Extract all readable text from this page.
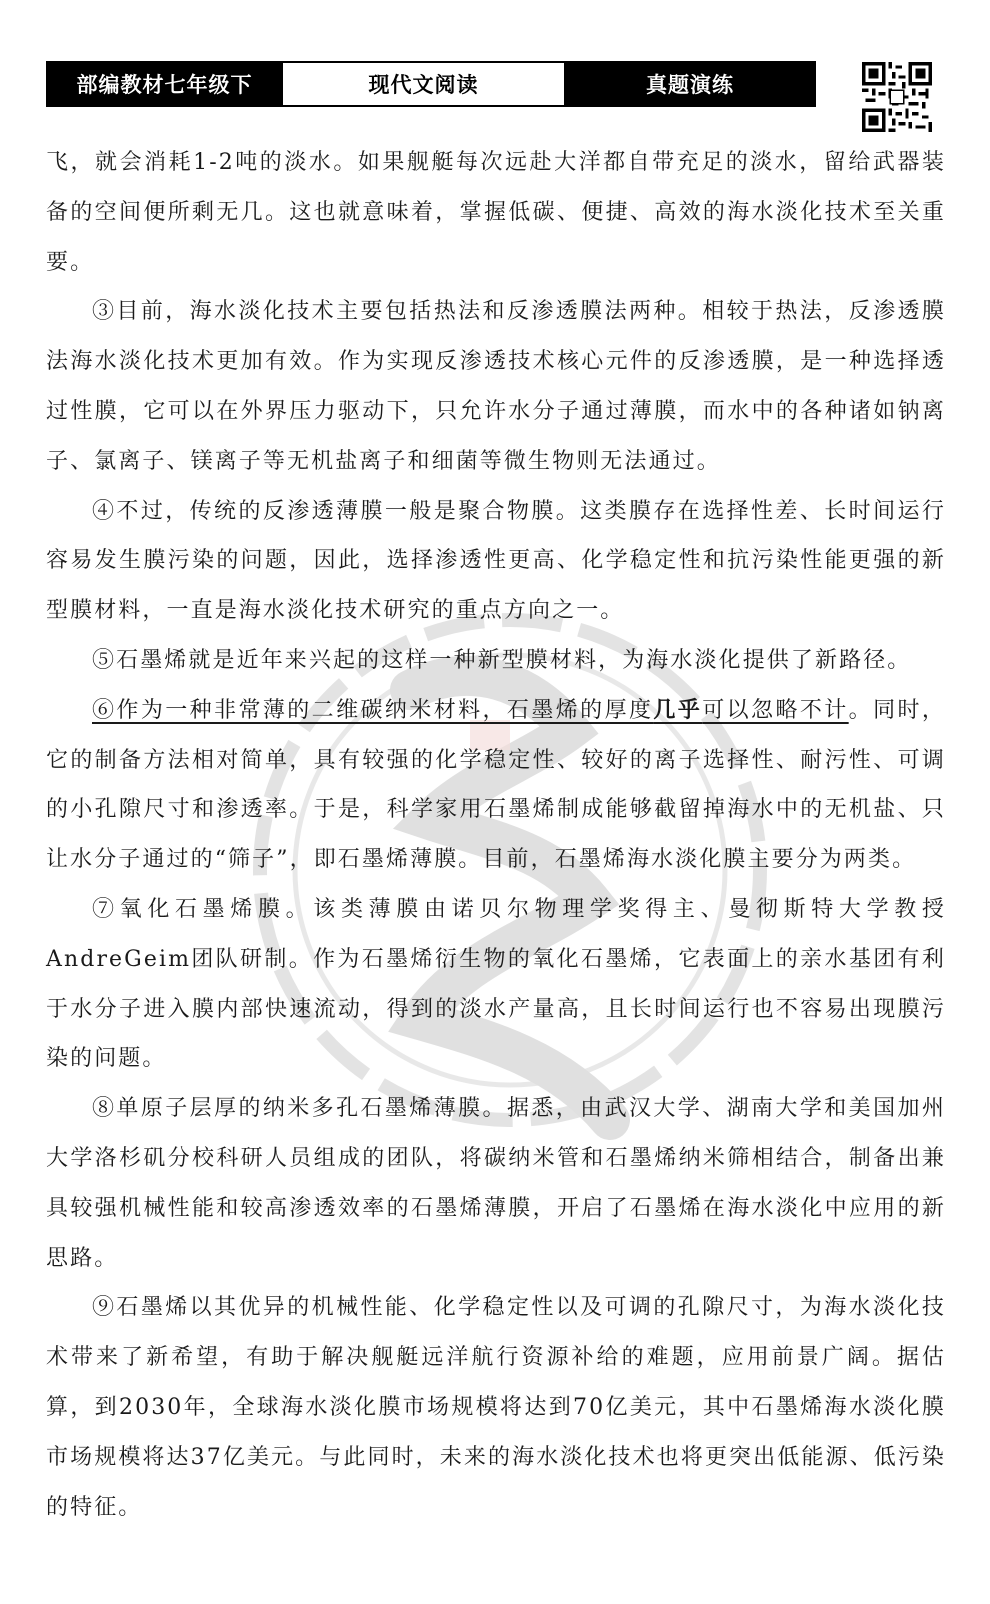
部编教材七年级下	现代文阅读	真题演练

飞，就会消耗1-2吨的淡水。如果舰艇每次远赴大洋都自带充足的淡水，留给武器装备的空间便所剩无几。这也就意味着，掌握低碳、便捷、高效的海水淡化技术至关重要。

③目前，海水淡化技术主要包括热法和反渗透膜法两种。相较于热法，反渗透膜法海水淡化技术更加有效。作为实现反渗透技术核心元件的反渗透膜，是一种选择透过性膜，它可以在外界压力驱动下，只允许水分子通过薄膜，而水中的各种诸如钠离子、氯离子、镁离子等无机盐离子和细菌等微生物则无法通过。

④不过，传统的反渗透薄膜一般是聚合物膜。这类膜存在选择性差、长时间运行容易发生膜污染的问题，因此，选择渗透性更高、化学稳定性和抗污染性能更强的新型膜材料，一直是海水淡化技术研究的重点方向之一。

⑤石墨烯就是近年来兴起的这样一种新型膜材料，为海水淡化提供了新路径。

⑥作为一种非常薄的二维碳纳米材料，石墨烯的厚度几乎可以忽略不计。同时，它的制备方法相对简单，具有较强的化学稳定性、较好的离子选择性、耐污性、可调的小孔隙尺寸和渗透率。于是，科学家用石墨烯制成能够截留掉海水中的无机盐、只让水分子通过的“筛子”，即石墨烯薄膜。目前，石墨烯海水淡化膜主要分为两类。

⑦氧化石墨烯膜。该类薄膜由诺贝尔物理学奖得主、曼彻斯特大学教授AndreGeim团队研制。作为石墨烯衍生物的氧化石墨烯，它表面上的亲水基团有利于水分子进入膜内部快速流动，得到的淡水产量高，且长时间运行也不容易出现膜污染的问题。

⑧单原子层厚的纳米多孔石墨烯薄膜。据悉，由武汉大学、湖南大学和美国加州大学洛杉矶分校科研人员组成的团队，将碳纳米管和石墨烯纳米筛相结合，制备出兼具较强机械性能和较高渗透效率的石墨烯薄膜，开启了石墨烯在海水淡化中应用的新思路。

⑨石墨烯以其优异的机械性能、化学稳定性以及可调的孔隙尺寸，为海水淡化技术带来了新希望，有助于解决舰艇远洋航行资源补给的难题，应用前景广阔。据估算，到2030年，全球海水淡化膜市场规模将达到70亿美元，其中石墨烯海水淡化膜市场规模将达37亿美元。与此同时，未来的海水淡化技术也将更突出低能源、低污染的特征。
